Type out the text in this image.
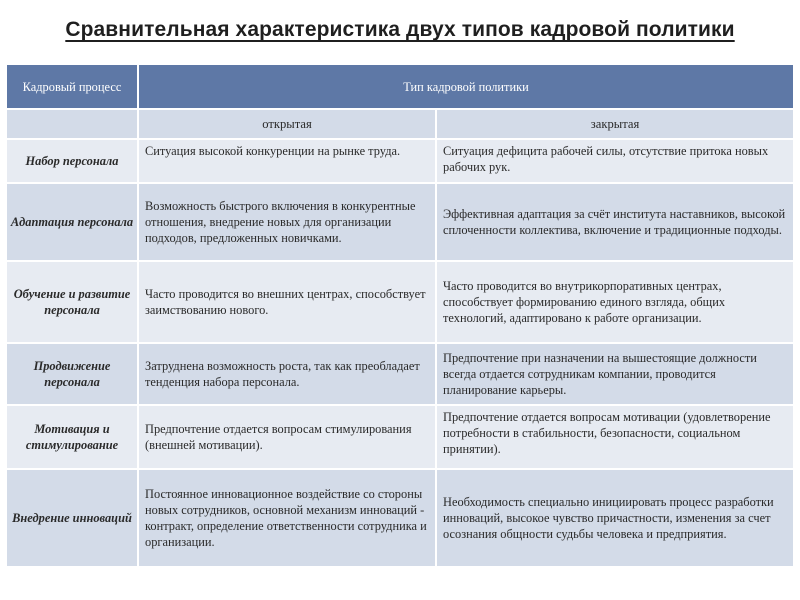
Сравнительная характеристика двух типов кадровой политики
Кадровый процесс	Тип кадровой политики	
	открытая	закрытая
Набор персонала	Ситуация высокой конкуренции на рынке труда.	Ситуация дефицита рабочей силы, отсутствие притока новых рабочих рук.
Адаптация персонала	Возможность быстрого включения в конкурентные отношения, внедрение новых для организации подходов, предложенных новичками.	Эффективная адаптация за счёт института наставников, высокой сплоченности коллектива, включение и традиционные подходы.
Обучение и развитие персонала	Часто проводится во внешних центрах, способствует заимствованию нового.	Часто проводится во внутрикорпоративных центрах, способствует формированию единого взгляда, общих технологий, адаптировано к работе организации.
Продвижение персонала	Затруднена возможность роста, так как преобладает тенденция набора персонала.	Предпочтение при назначении на вышестоящие должности всегда отдается сотрудникам компании, проводится планирование карьеры.
Мотивация и стимулирование	Предпочтение отдается вопросам стимулирования (внешней мотивации).	Предпочтение отдается вопросам мотивации (удовлетворение потребности в стабильности, безопасности, социальном принятии).
Внедрение инноваций	Постоянное инновационное воздействие со стороны новых сотрудников, основной механизм инноваций - контракт, определение ответственности сотрудника и организации.	Необходимость специально инициировать процесс разработки инноваций, высокое чувство причастности, изменения за счет осознания общности судьбы человека и предприятия.
